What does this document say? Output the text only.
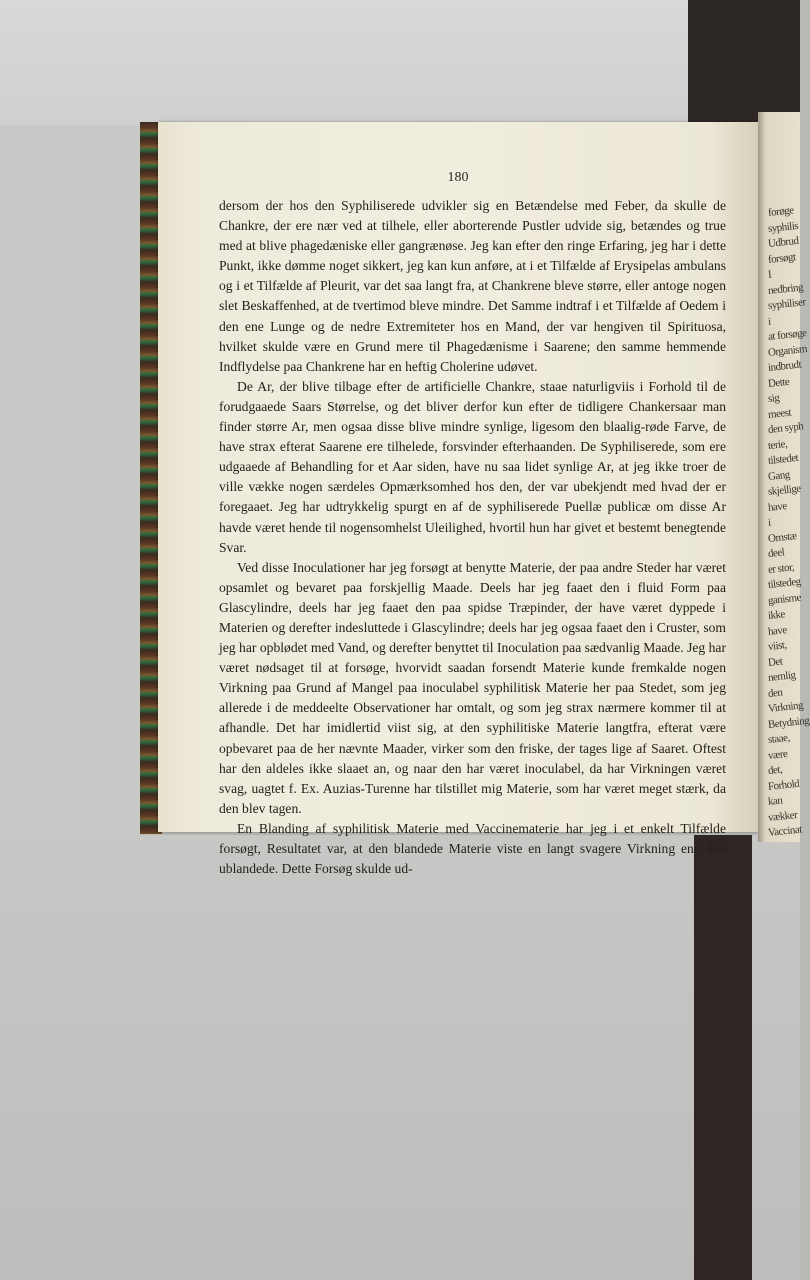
180

dersom der hos den Syphiliserede udvikler sig en Betændelse med Feber, da skulle de Chankre, der ere nær ved at tilhele, eller aborterende Pustler udvide sig, betændes og true med at blive phagedæniske eller gangrænøse. Jeg kan efter den ringe Erfaring, jeg har i dette Punkt, ikke dømme noget sikkert, jeg kan kun anføre, at i et Tilfælde af Erysipelas ambulans og i et Tilfælde af Pleurit, var det saa langt fra, at Chankrene bleve større, eller antoge nogen slet Beskaffenhed, at de tvertimod bleve mindre. Det Samme indtraf i et Tilfælde af Oedem i den ene Lunge og de nedre Extremiteter hos en Mand, der var hengiven til Spirituosa, hvilket skulde være en Grund mere til Phagedænisme i Saarene; den samme hemmende Indflydelse paa Chankrene har en heftig Cholerine udøvet.

De Ar, der blive tilbage efter de artificielle Chankre, staae naturligviis i Forhold til de forudgaaede Saars Størrelse, og det bliver derfor kun efter de tidligere Chankersaar man finder større Ar, men ogsaa disse blive mindre synlige, ligesom den blaalig-røde Farve, de have strax efterat Saarene ere tilhelede, forsvinder efterhaanden. De Syphiliserede, som ere udgaaede af Behandling for et Aar siden, have nu saa lidet synlige Ar, at jeg ikke troer de ville vække nogen særdeles Opmærksomhed hos den, der var ubekjendt med hvad der er foregaaet. Jeg har udtrykkelig spurgt en af de syphiliserede Puellæ publicæ om disse Ar havde været hende til nogensomhelst Uleilighed, hvortil hun har givet et bestemt benegtende Svar.

Ved disse Inoculationer har jeg forsøgt at benytte Materie, der paa andre Steder har været opsamlet og bevaret paa forskjellig Maade. Deels har jeg faaet den i fluid Form paa Glascylindre, deels har jeg faaet den paa spidse Træpinder, der have været dyppede i Materien og derefter indesluttede i Glascylindre; deels har jeg ogsaa faaet den i Cruster, som jeg har opblødet med Vand, og derefter benyttet til Inoculation paa sædvanlig Maade. Jeg har været nødsaget til at forsøge, hvorvidt saadan forsendt Materie kunde fremkalde nogen Virkning paa Grund af Mangel paa inoculabel syphilitisk Materie her paa Stedet, som jeg allerede i de meddeelte Observationer har omtalt, og som jeg strax nærmere kommer til at afhandle. Det har imidlertid viist sig, at den syphilitiske Materie langtfra, efterat være opbevaret paa de her nævnte Maader, virker som den friske, der tages lige af Saaret. Oftest har den aldeles ikke slaaet an, og naar den har været inoculabel, da har Virkningen været svag, uagtet f. Ex. Auzias-Turenne har tilstillet mig Materie, som har været meget stærk, da den blev tagen.

En Blanding af syphilitisk Materie med Vaccinematerie har jeg i et enkelt Tilfælde forsøgt, Resultatet var, at den blandede Materie viste en langt svagere Virkning end den ublandede. Dette Forsøg skulde ud-

forøge
syphilis
Udbrud
forsøgt
I
nedbring
syphiliser
i
at forsøge
Organism
indbrudt
Dette
sig
meest
den syph
terie,
tilstedet
Gang
skjellige
have
i
Omstæ
deel
er stor,
tilstedeg
ganisme
ikke
have
viist,
Det
nemlig
den
Virkning
Betydning
staae,
være
det,
Forhold
kan
vækker
Vaccinat
